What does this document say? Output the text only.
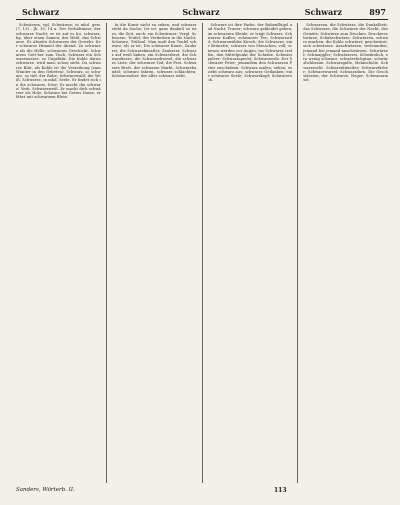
Schwarz	Schwarz	Schwarz	897

Schwärzen, vgl. Schwärme; in mhd. gew. (7, 13) ; Jh. 10, 14 n. Der Verhältnisse; der schwarze Nacht; er ist auf es hu. schwarz, hg. über einen Samen; des Weiß, das Schwarze. Er Abseite Schwarzes der Gewehr. Der schwarze Himmel der Abend. Zu schwarze als die Hölle; schwarzes Geschickt, Schwarzes Gott-her zum Tisch; Schwarz ein Schwarzwasser: so Ungefähr. Die Kohle daran schwarze, wird man: schon sieht. Du schwarze Blut, als Kohle ist die Verzeihung (zum Wunder in den Gebeten). Schwarz, so schwarz, so tief, der Rabe; Schwarzwald; die Weiß, Schwarze, in mhd. Seele. Er findet sich in die schwarze, böse; Er macht ihn schwarz! Verh. Schwarzweiß. Er macht dich schwärzer als Holz; Schwarz bei Gottes Name, er fährt mit schwarzem Blute.

In die Kunst nicht zu sehen; und schwarz steht da Sache; (es ist: ganz dunkel) so ist es; die Zeit, auch: ein Schwärmer; Vergl. Schwarze, Teufel; des Verderben in die Nacht; Schwarz, Trübsal. Man malt den Teufel schwarz, als er ist; Die schwarze Kunst, Zauberei; die Schwarzkünstler, Zauberer. Schwarz auf weiß haben, ein Schwarzbrot, die Schwarzbeere, die Schwarzdrossel, die schwarze Liste, der schwarze Tod, die Pest. Schwarzes Brett, der schwarze Markt, Schwarzhandel; schwarz fahren, schwarz schlachten; Schwarzseher, der alles schwarz sieht.

Schwarz ist ihre Farbe, der Rabenflügel und Nacht; Trauer; schwarz gekleidet gehen; im schwarzen Kleide; er trägt Schwarz. Schwarzer Kaffee; schwarzer Tee; Schwarzwild; Schwarzwälder Kirsch; die Schwarze, eine Brünette; schwarz von Menschen, voll; schwarz werden vor Augen; ins Schwarze treffen, den Mittelpunkt der Scheibe. Schwarzpulver; Schwarzspecht; Schwarzerde. Der Schwarze Peter; jemandem den Schwarzen Peter zuschieben. Schwarz malen, sehen; es sieht schwarz aus; schwarze Gedanken; eine schwarze Seele; Schwarzkopf; Schwarzrock.

Schwarzen, die Schwärze, die Dunkelheit; das Schwarze; die Schwärze der Nacht, des Gemüts; Schwärze zum Drucken, Druckerschwärze; Schuhschwärze. Schwärzen, schwarz machen; die Kohle schwärzt; geschwärzt; sich schwärzen. Anschwärzen, verleumden; jemand bei jemand anschwärzen. Schwärzer, Schmuggler; Schwärzerei. Schwärzlich, ein wenig schwarz; schwärzlichgrau; schwärzlichbraun. Schwarzgalle, Melancholie. Schwarzsucht. Schwarzkünstler; Schwarzfärber; Schwarzwurzel; Schwarzdorn. Die Geschwärzten, der Schwarze, Neger; Schwarzamsel.

Sanders, Wörterb. II.	113
